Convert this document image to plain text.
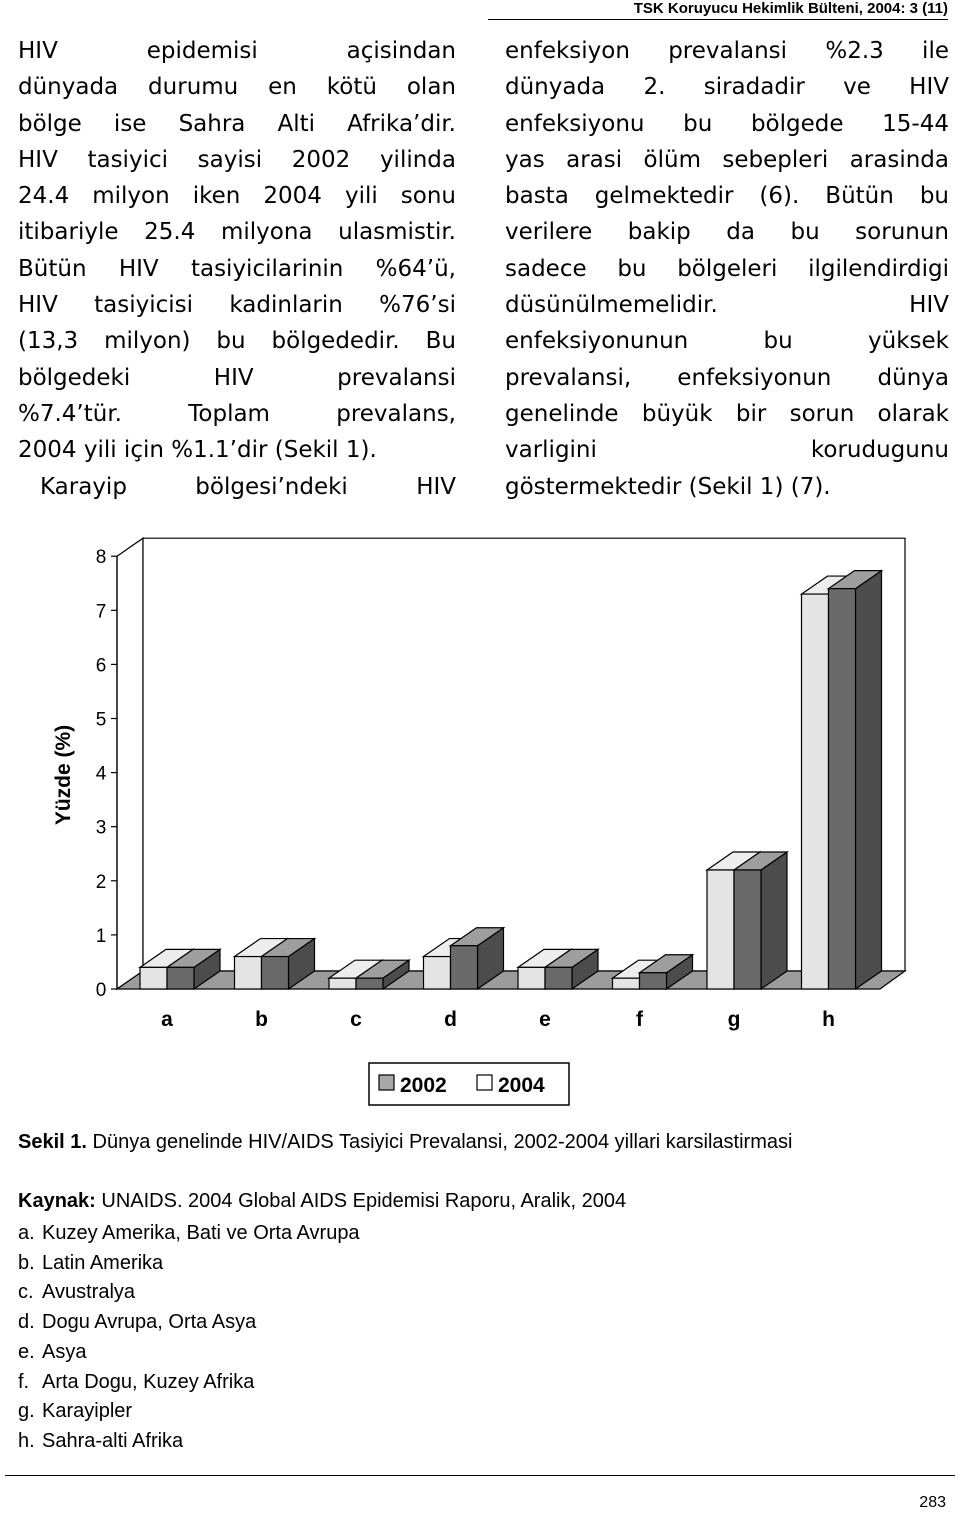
TSK Koruyucu Hekimlik Bülteni, 2004: 3 (11)
HIV epidemisi açisindan
dünyada durumu en kötü olan
bölge ise Sahra Alti Afrika’dir.
HIV tasiyici sayisi 2002 yilinda
24.4 milyon iken 2004 yili sonu
itibariyle 25.4 milyona ulasmistir.
Bütün HIV tasiyicilarinin %64’ü,
HIV tasiyicisi kadinlarin %76’si
(13,3 milyon) bu bölgededir. Bu
bölgedeki HIV prevalansi
%7.4’tür. Toplam prevalans,
2004 yili için %1.1’dir (Sekil 1).
Karayip bölgesi’ndeki HIV
enfeksiyon prevalansi %2.3 ile
dünyada 2. siradadir ve HIV
enfeksiyonu bu bölgede 15-44
yas arasi ölüm sebepleri arasinda
basta gelmektedir (6). Bütün bu
verilere bakip da bu sorunun
sadece bu bölgeleri ilgilendirdigi
düsünülmemelidir. HIV
enfeksiyonunun bu yüksek
prevalansi, enfeksiyonun dünya
genelinde büyük bir sorun olarak
varligini korudugunu
göstermektedir (Sekil 1) (7).
0
1
2
3
4
5
6
7
8
Yüzde (%)
a	b	c	d	e	f	g	h
2002 2004
Sekil 1. Dünya genelinde HIV/AIDS Tasiyici Prevalansi, 2002-2004 yillari karsilastirmasi
Kaynak: UNAIDS. 2004 Global AIDS Epidemisi Raporu, Aralik, 2004
a. Kuzey Amerika, Bati ve Orta Avrupa
b. Latin Amerika
c. Avustralya
d. Dogu Avrupa, Orta Asya
e. Asya
f. Arta Dogu, Kuzey Afrika
g. Karayipler
h. Sahra-alti Afrika
283
